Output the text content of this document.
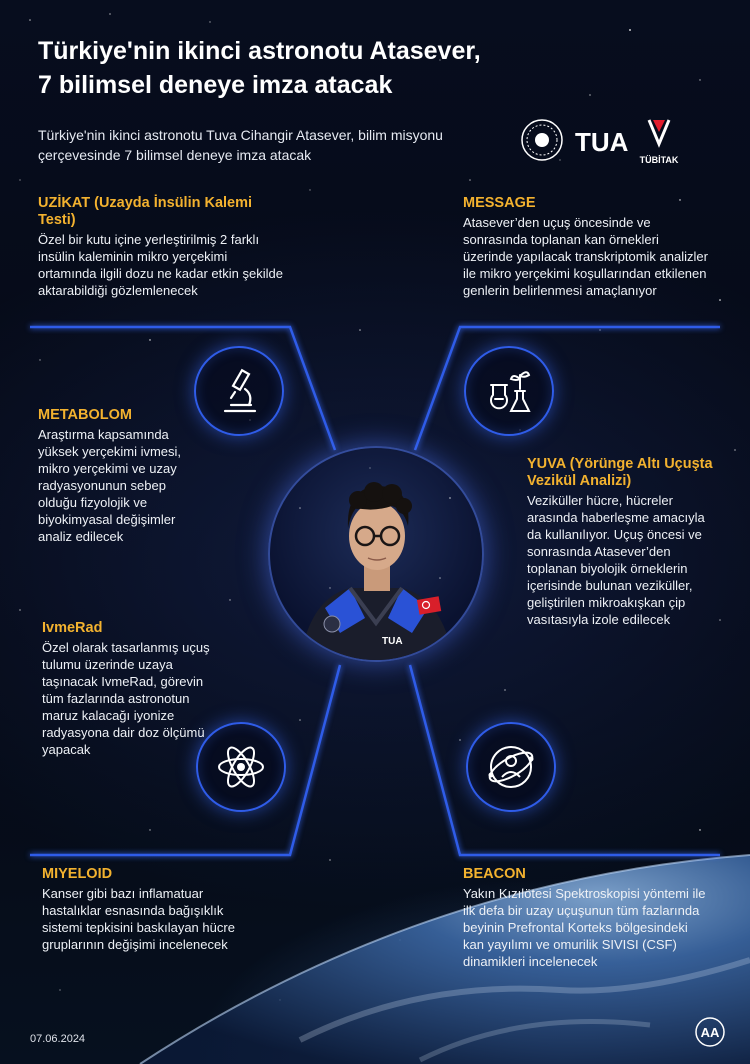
Türkiye'nin ikinci astronotu Atasever,
7 bilimsel deneye imza atacak

Türkiye'nin ikinci astronotu Tuva Cihangir Atasever, bilim misyonu çerçevesinde 7 bilimsel deneye imza atacak	TUA
TÜBİTAK
TUA
UZİKAT (Uzayda İnsülin Kalemi Testi)

Özel bir kutu içine yerleştirilmiş 2 farklı insülin kaleminin mikro yerçekimi ortamında ilgili dozu ne kadar etkin şekilde aktarabildiği gözlemlenecek

MESSAGE

Atasever’den uçuş öncesinde ve sonrasında toplanan kan örnekleri üzerinde yapılacak transkriptomik analizler ile mikro yerçekimi koşullarından etkilenen genlerin belirlenmesi amaçlanıyor

METABOLOM

Araştırma kapsamında yüksek yerçekimi ivmesi, mikro yerçekimi ve uzay radyasyonunun sebep olduğu fizyolojik ve biyokimyasal değişimler analiz edilecek

YUVA (Yörünge Altı Uçuşta Vezikül Analizi)

Veziküller hücre, hücreler arasında haberleşme amacıyla da kullanılıyor. Uçuş öncesi ve sonrasında Atasever’den toplanan biyolojik örneklerin içerisinde bulunan veziküller, geliştirilen mikroakışkan çip vasıtasıyla izole edilecek

IvmeRad

Özel olarak tasarlanmış uçuş tulumu üzerinde uzaya taşınacak IvmeRad, görevin tüm fazlarında astronotun maruz kalacağı iyonize radyasyona dair doz ölçümü yapacak

MIYELOID

Kanser gibi bazı inflamatuar hastalıklar esnasında bağışıklık sistemi tepkisini baskılayan hücre gruplarının değişimi incelenecek

BEACON

Yakın Kızılötesi Spektroskopisi yöntemi ile ilk defa bir uzay uçuşunun tüm fazlarında beyinin Prefrontal Korteks bölgesindeki kan yayılımı ve omurilik SIVISI (CSF) dinamikleri incelenecek

07.06.2024	AA
